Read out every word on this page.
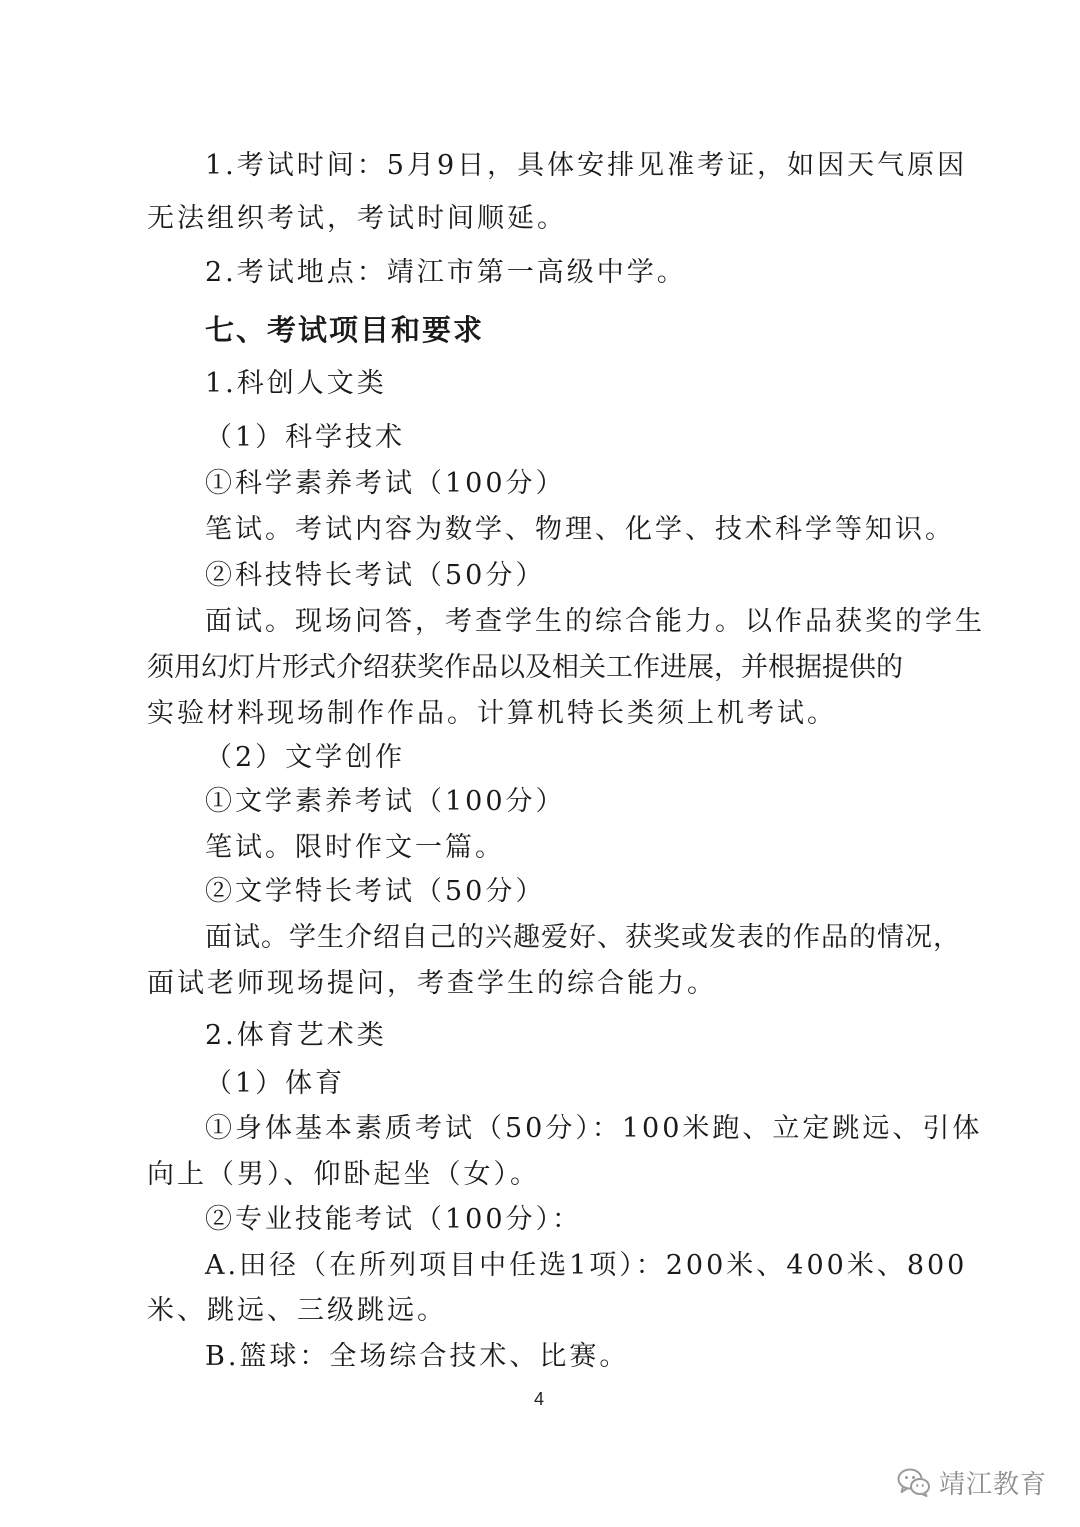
1.考试时间：5月9日，具体安排见准考证，如因天气原因
无法组织考试，考试时间顺延。
2.考试地点：靖江市第一高级中学。
七、考试项目和要求
1.科创人文类
（1）科学技术
①科学素养考试（100分）
笔试。考试内容为数学、物理、化学、技术科学等知识。
②科技特长考试（50分）
面试。现场问答，考查学生的综合能力。以作品获奖的学生
须用幻灯片形式介绍获奖作品以及相关工作进展，并根据提供的
实验材料现场制作作品。计算机特长类须上机考试。
（2）文学创作
①文学素养考试（100分）
笔试。限时作文一篇。
②文学特长考试（50分）
面试。学生介绍自己的兴趣爱好、获奖或发表的作品的情况，
面试老师现场提问，考查学生的综合能力。
2.体育艺术类
（1）体育
①身体基本素质考试（50分）：100米跑、立定跳远、引体
向上（男）、仰卧起坐（女）。
②专业技能考试（100分）：
A.田径（在所列项目中任选1项）：200米、400米、800
米、跳远、三级跳远。
B.篮球：全场综合技术、比赛。
4
靖江教育
